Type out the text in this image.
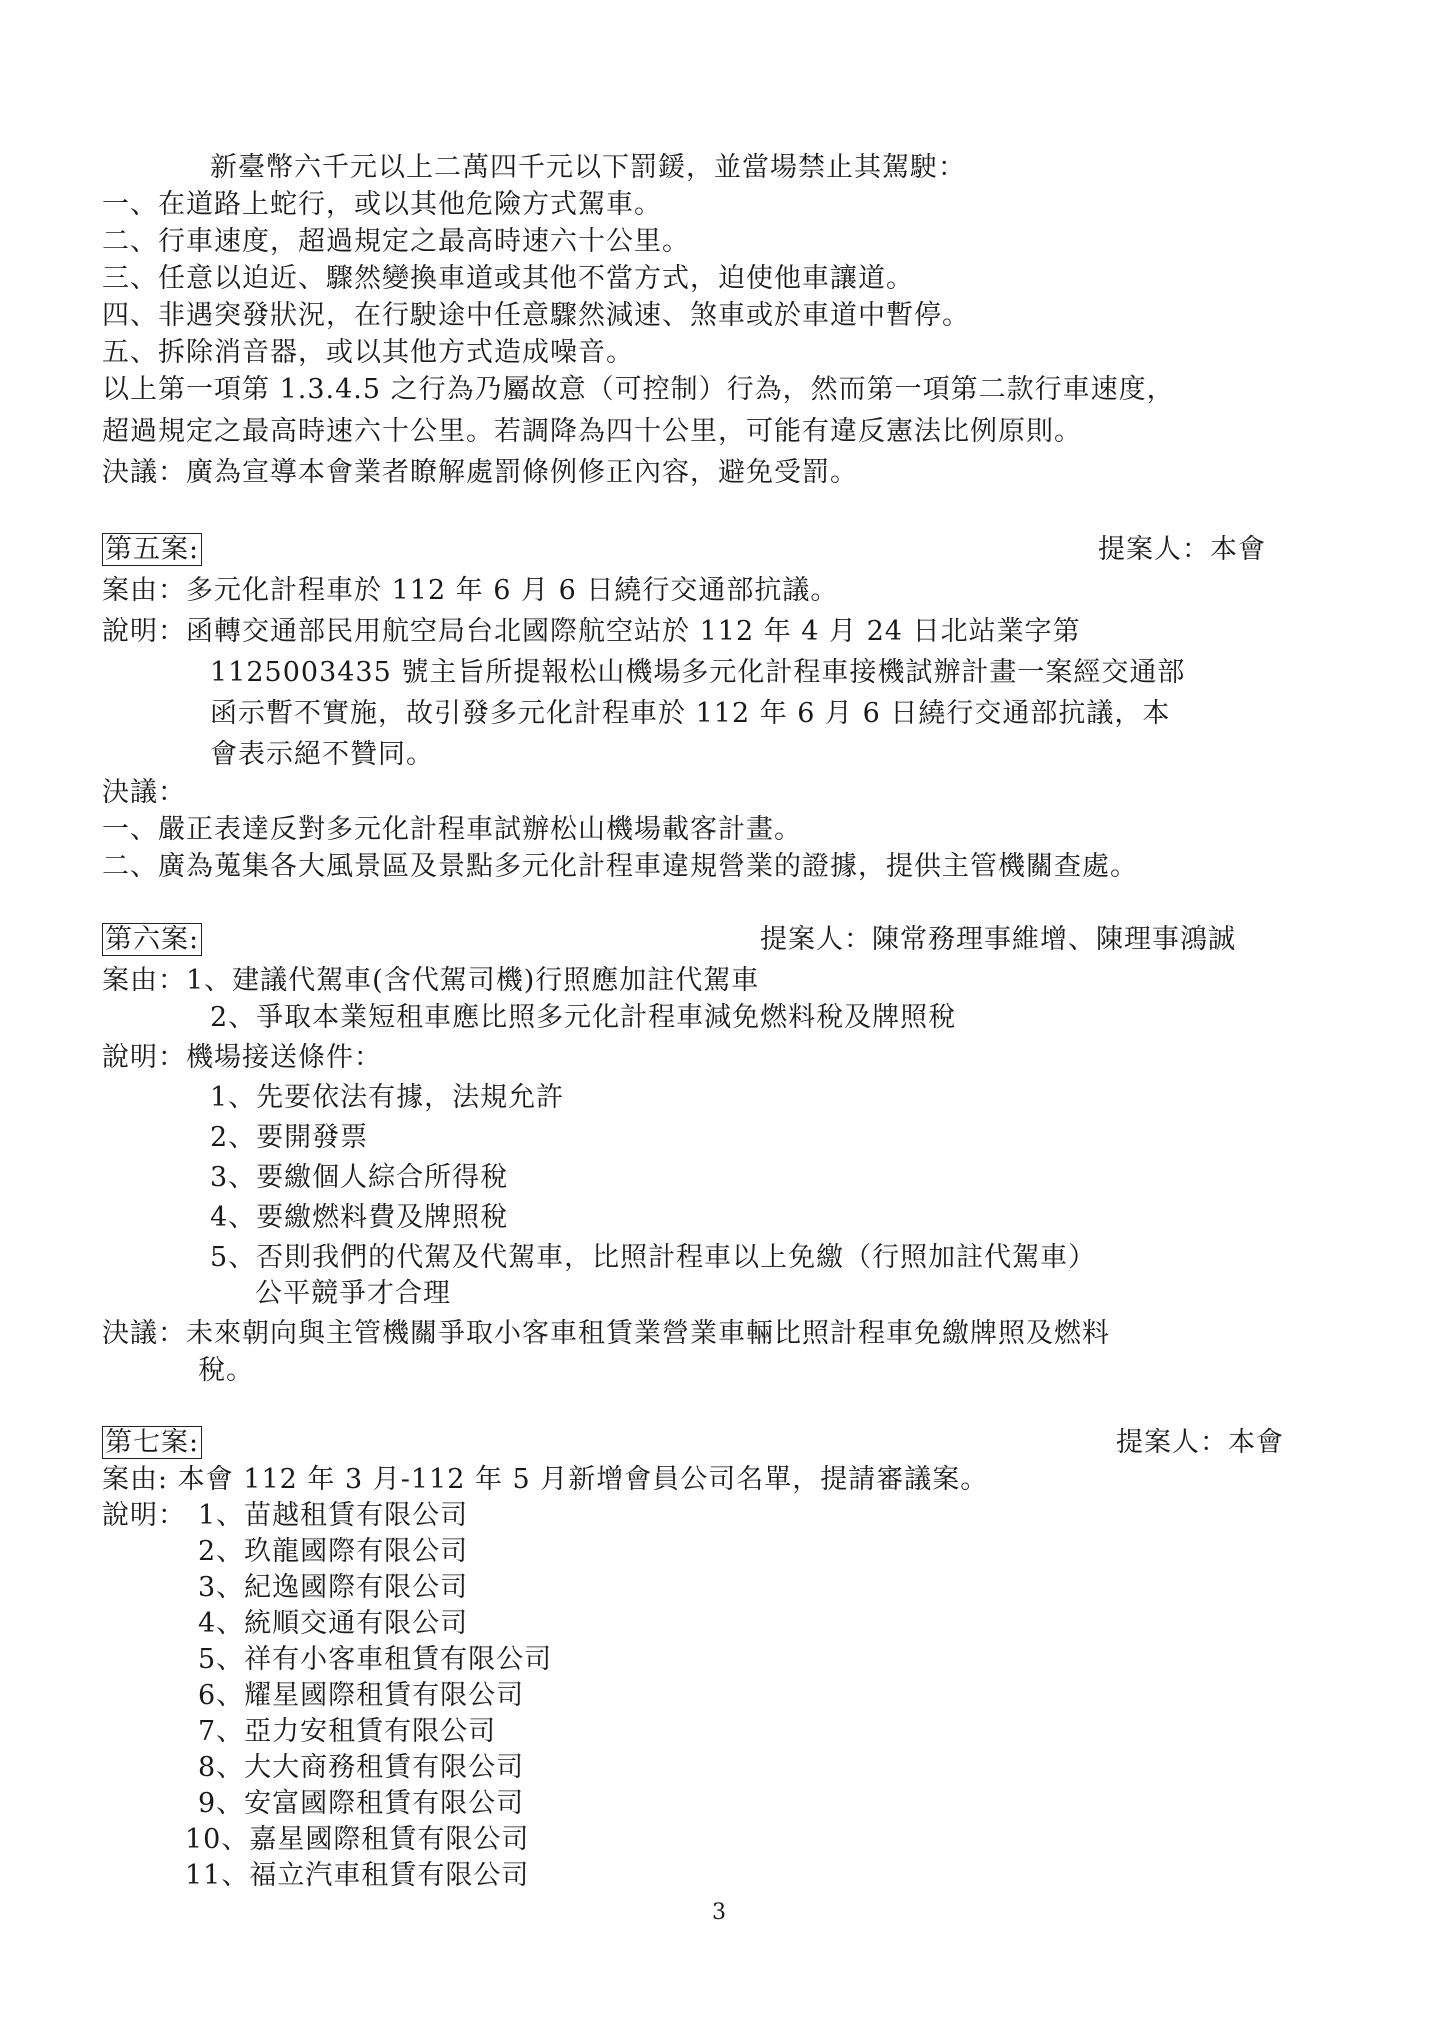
新臺幣六千元以上二萬四千元以下罰鍰，並當場禁止其駕駛：
一、在道路上蛇行，或以其他危險方式駕車。
二、行車速度，超過規定之最高時速六十公里。
三、任意以迫近、驟然變換車道或其他不當方式，迫使他車讓道。
四、非遇突發狀況，在行駛途中任意驟然減速、煞車或於車道中暫停。
五、拆除消音器，或以其他方式造成噪音。
以上第一項第 1.3.4.5 之行為乃屬故意（可控制）行為，然而第一項第二款行車速度，
超過規定之最高時速六十公里。若調降為四十公里，可能有違反憲法比例原則。
決議：廣為宣導本會業者瞭解處罰條例修正內容，避免受罰。
第五案:	提案人：本會
案由：多元化計程車於 112 年 6 月 6 日繞行交通部抗議。
說明：函轉交通部民用航空局台北國際航空站於 112 年 4 月 24 日北站業字第
1125003435 號主旨所提報松山機場多元化計程車接機試辦計畫一案經交通部
函示暫不實施，故引發多元化計程車於 112 年 6 月 6 日繞行交通部抗議，本
會表示絕不贊同。
決議：
一、嚴正表達反對多元化計程車試辦松山機場載客計畫。
二、廣為蒐集各大風景區及景點多元化計程車違規營業的證據，提供主管機關查處。
第六案:	提案人：陳常務理事維增、陳理事鴻誠
案由：1、建議代駕車(含代駕司機)行照應加註代駕車
2、爭取本業短租車應比照多元化計程車減免燃料稅及牌照稅
說明：機場接送條件：
1、先要依法有據，法規允許
2、要開發票
3、要繳個人綜合所得稅
4、要繳燃料費及牌照稅
5、否則我們的代駕及代駕車，比照計程車以上免繳（行照加註代駕車）
公平競爭才合理
決議：未來朝向與主管機關爭取小客車租賃業營業車輛比照計程車免繳牌照及燃料
稅。
第七案:	提案人：本會
案由: 本會 112 年 3 月-112 年 5 月新增會員公司名單，提請審議案。
說明： 1、苗越租賃有限公司
2、玖龍國際有限公司
3、紀逸國際有限公司
4、統順交通有限公司
5、祥有小客車租賃有限公司
6、耀星國際租賃有限公司
7、亞力安租賃有限公司
8、大大商務租賃有限公司
9、安富國際租賃有限公司
10、嘉星國際租賃有限公司
11、福立汽車租賃有限公司
3
